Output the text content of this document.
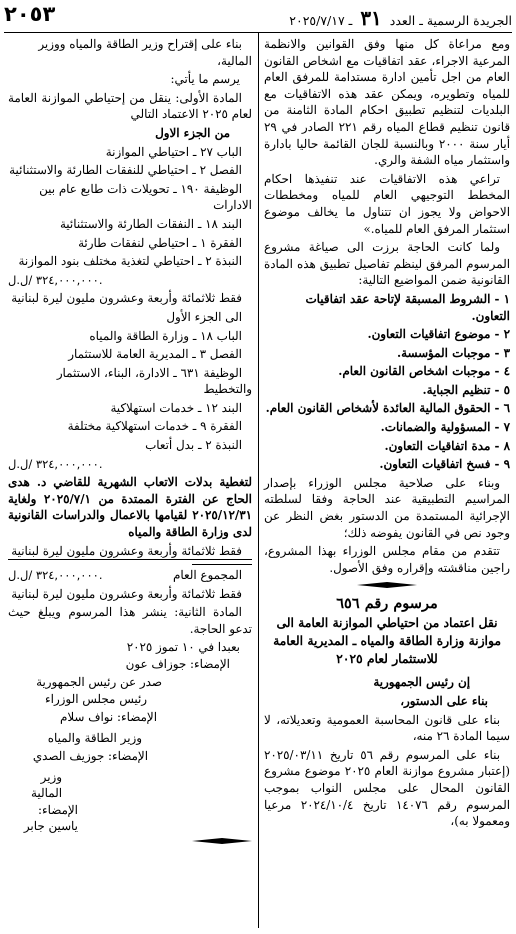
٢٠٥٣	الجريدة الرسمية ـ العدد ٣١ ـ ٢٠٢٥/٧/١٧
ومع مراعاة كل منها وفق القوانين والانظمة المرعية الاجراء، عقد اتفاقيات مع اشخاص القانون العام من اجل تأمين ادارة مستدامة للمرفق العام للمياه وتطويره، ويمكن عقد هذه الاتفاقيات مع البلديات لتنظيم تطبيق احكام المادة الثامنة من قانون تنظيم قطاع المياه رقم ٢٢١ الصادر في ٢٩ أيار سنة ٢٠٠٠ وبالنسبة للجان القائمة حاليا بادارة واستثمار مياه الشفة والري.
تراعي هذه الاتفاقيات عند تنفيذها احكام المخطط التوجيهي العام للمياه ومخططات الاحواض ولا يجوز ان تتناول ما يخالف موضوع استثمار المرفق العام للمياه.»
ولما كانت الحاجة برزت الى صياغة مشروع المرسوم المرفق لينظم تفاصيل تطبيق هذه المادة القانونية ضمن المواضيع التالية:
١ - الشروط المسبقة لإتاحة عقد اتفاقيات التعاون.
٢ - موضوع اتفاقيات التعاون.
٣ - موجبات المؤسسة.
٤ - موجبات اشخاص القانون العام.
٥ - تنظيم الجباية.
٦ - الحقوق المالية العائدة لأشخاص القانون العام.
٧ - المسؤولية والضمانات.
٨ - مدة اتفاقيات التعاون.
٩ - فسخ اتفاقيات التعاون.
وبناء على صلاحية مجلس الوزراء بإصدار المراسيم التطبيقية عند الحاجة وفقا لسلطته الإجرائية المستمدة من الدستور بغض النظر عن وجود نص في القانون يفوضه ذلك؛
تتقدم من مقام مجلس الوزراء بهذا المشروع، راجين مناقشته وإقراره وفق الأصول.
مرسوم رقم ٦٥٦
نقل اعتماد من احتياطي الموازنة العامة الى موازنة وزارة الطاقة والمياه ـ المديرية العامة للاستثمار لعام ٢٠٢٥
إن رئيس الجمهورية
بناء على الدستور،
بناء على قانون المحاسبة العمومية وتعديلاته، لا سيما المادة ٢٦ منه،
بناء على المرسوم رقم ٥٦ تاريخ ٢٠٢٥/٠٣/١١ (إعتبار مشروع موازنة العام ٢٠٢٥ موضوع مشروع القانون المحال على مجلس النواب بموجب المرسوم رقم ١٤٠٧٦ تاريخ ٢٠٢٤/١٠/٤ مرعيا ومعمولا به)،
بناء على إقتراح وزير الطاقة والمياه ووزير المالية،
يرسم ما يأتي:
المادة الأولى: ينقل من إحتياطي الموازنة العامة لعام ٢٠٢٥ الاعتماد التالي
من الجزء الاول
الباب ٢٧ ـ احتياطي الموازنة
الفصل ٢ ـ احتياطي للنفقات الطارئة والاستثنائية
الوظيفة ١٩٠ ـ تحويلات ذات طابع عام بين الادارات
البند ١٨ ـ النفقات الطارئة والاستثنائية
الفقرة ١ ـ احتياطي لنفقات طارئة
النبذة ٢ ـ احتياطي لتغذية مختلف بنود الموازنة
٣٢٤,٠٠٠,٠٠٠ /ل.ل.
فقط ثلاثمائة وأربعة وعشرون مليون ليرة لبنانية
الى الجزء الأول
الباب ١٨ ـ وزارة الطاقة والمياه
الفصل ٣ ـ المديرية العامة للاستثمار
الوظيفة ٦٣١ ـ الادارة، البناء، الاستثمار والتخطيط
البند ١٢ ـ خدمات استهلاكية
الفقرة ٩ ـ خدمات استهلاكية مختلفة
النبذة ٢ ـ بدل أتعاب
٣٢٤,٠٠٠,٠٠٠ /ل.ل.
لتغطية بدلات الاتعاب الشهرية للقاضي د. هدى الحاج عن الفترة الممتدة من ٢٠٢٥/٧/١ ولغاية ٢٠٢٥/١٢/٣١ لقيامها بالاعمال والدراسات القانونية لدى وزارة الطاقة والمياه
فقط ثلاثمائة وأربعة وعشرون مليون ليرة لبنانية
المجموع العام
٣٢٤,٠٠٠,٠٠٠ /ل.ل.
فقط ثلاثمائة وأربعة وعشرون مليون ليرة لبنانية
المادة الثانية: ينشر هذا المرسوم ويبلغ حيث تدعو الحاجة.
بعبدا في ١٠ تموز ٢٠٢٥
الإمضاء: جوزاف عون
صدر عن رئيس الجمهورية
رئيس مجلس الوزراء
الإمضاء: نواف سلام
وزير الطاقة والمياه
الإمضاء: جوزيف الصدي
وزير المالية
الإمضاء: ياسين جابر
